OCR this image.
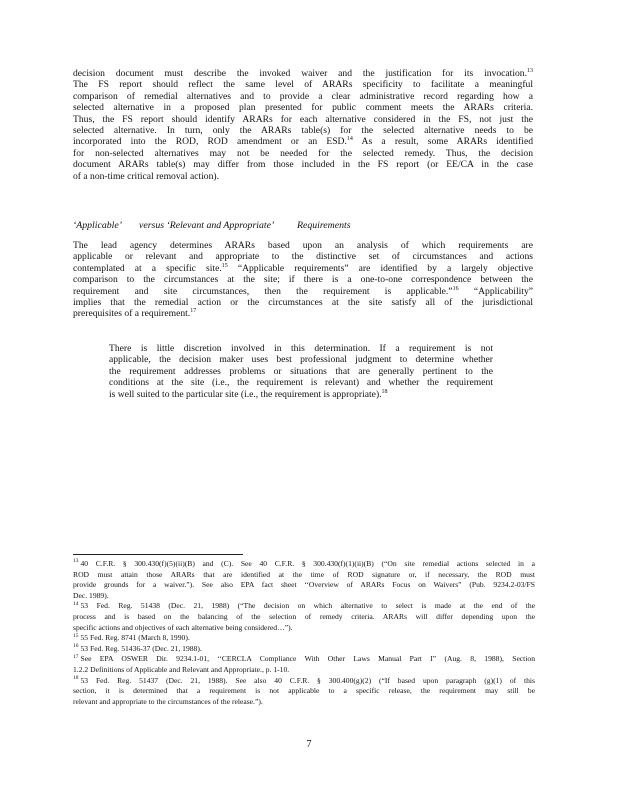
decision document must describe the invoked waiver and the justification for its invocation.$^{13}$

The FS report should reflect the same level of ARARs specificity to facilitate a meaningful

comparison of remedial alternatives and to provide a clear administrative record regarding how a

selected alternative in a proposed plan presented for public comment meets the ARARs criteria.

Thus, the FS report should identify ARARs for each alternative considered in the FS, not just the

selected alternative. In turn, only the ARARs table(s) for the selected alternative needs to be

incorporated into the ROD, ROD amendment or an ESD.$^{14}$ As a result, some ARARs identified

for non-selected alternatives may not be needed for the selected remedy. Thus, the decision

document ARARs table(s) may differ from those included in the FS report (or EE/CA in the case

of a non-time critical removal action).

‘Applicable’ versus ‘Relevant and Appropriate’ Requirements

The lead agency determines ARARs based upon an analysis of which requirements are

applicable or relevant and appropriate to the distinctive set of circumstances and actions

contemplated at a specific site.$^{15}$ “Applicable requirements” are identified by a largely objective

comparison to the circumstances at the site; if there is a one-to-one correspondence between the

requirement and site circumstances, then the requirement is applicable.”$^{16}$ “Applicability”

implies that the remedial action or the circumstances at the site satisfy all of the jurisdictional

prerequisites of a requirement.$^{17}$

There is little discretion involved in this determination. If a requirement is not

applicable, the decision maker uses best professional judgment to determine whether

the requirement addresses problems or situations that are generally pertinent to the

conditions at the site (i.e., the requirement is relevant) and whether the requirement

is well suited to the particular site (i.e., the requirement is appropriate).$^{18}$

$^{13}$ 40 C.F.R. § 300.430(f)(5)(ii)(B) and (C). See 40 C.F.R. § 300.430(f)(1)(ii)(B) (“On site remedial actions selected in a

ROD must attain those ARARs that are identified at the time of ROD signature or, if necessary, the ROD must

provide grounds for a waiver.”). See also EPA fact sheet ‘‘Overview of ARARs Focus on Waivers” (Pub. 9234.2-03/FS

Dec. 1989).

$^{14}$ 53 Fed. Reg. 51438 (Dec. 21, 1988) (“The decision on which alternative to select is made at the end of the

process and is based on the balancing of the selection of remedy criteria. ARARs will differ depending upon the

specific actions and objectives of each alternative being considered…”).

$^{15}$ 55 Fed. Reg. 8741 (March 8, 1990).

$^{16}$ 53 Fed. Reg. 51436-37 (Dec. 21, 1988).

$^{17}$ See EPA OSWER Dir. 9234.1-01, ‘‘CERCLA Compliance With Other Laws Manual Part I” (Aug. 8, 1988), Section

1.2.2 Definitions of Applicable and Relevant and Appropriate., p. 1-10.

$^{18}$ 53 Fed. Reg. 51437 (Dec. 21, 1988). See also 40 C.F.R. § 300.400(g)(2) (“If based upon paragraph (g)(1) of this

section, it is determined that a requirement is not applicable to a specific release, the requirement may still be

relevant and appropriate to the circumstances of the release.”).

7
